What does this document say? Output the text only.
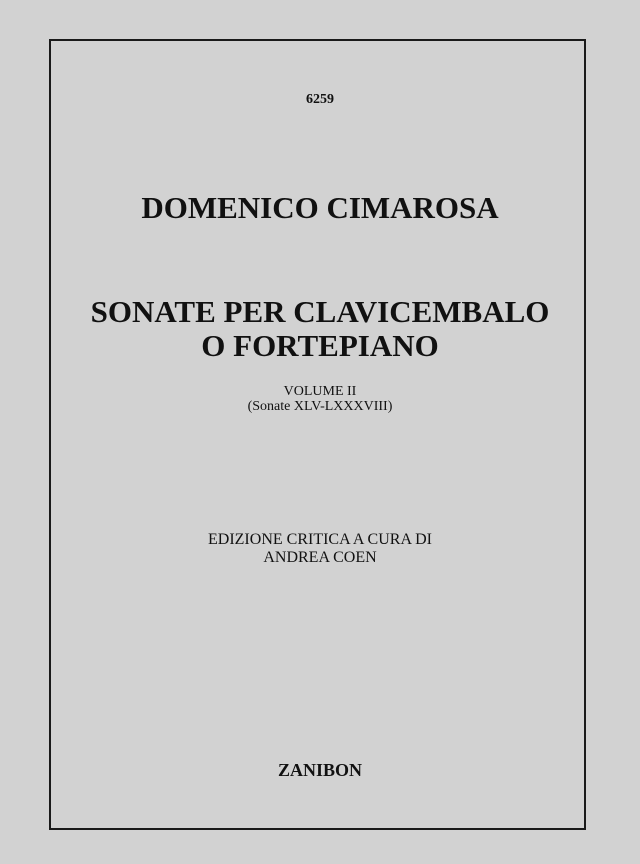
6259
DOMENICO CIMAROSA
SONATE PER CLAVICEMBALO
O FORTEPIANO
VOLUME II
(Sonate XLV-LXXXVIII)
EDIZIONE CRITICA A CURA DI
ANDREA COEN
ZANIBON
